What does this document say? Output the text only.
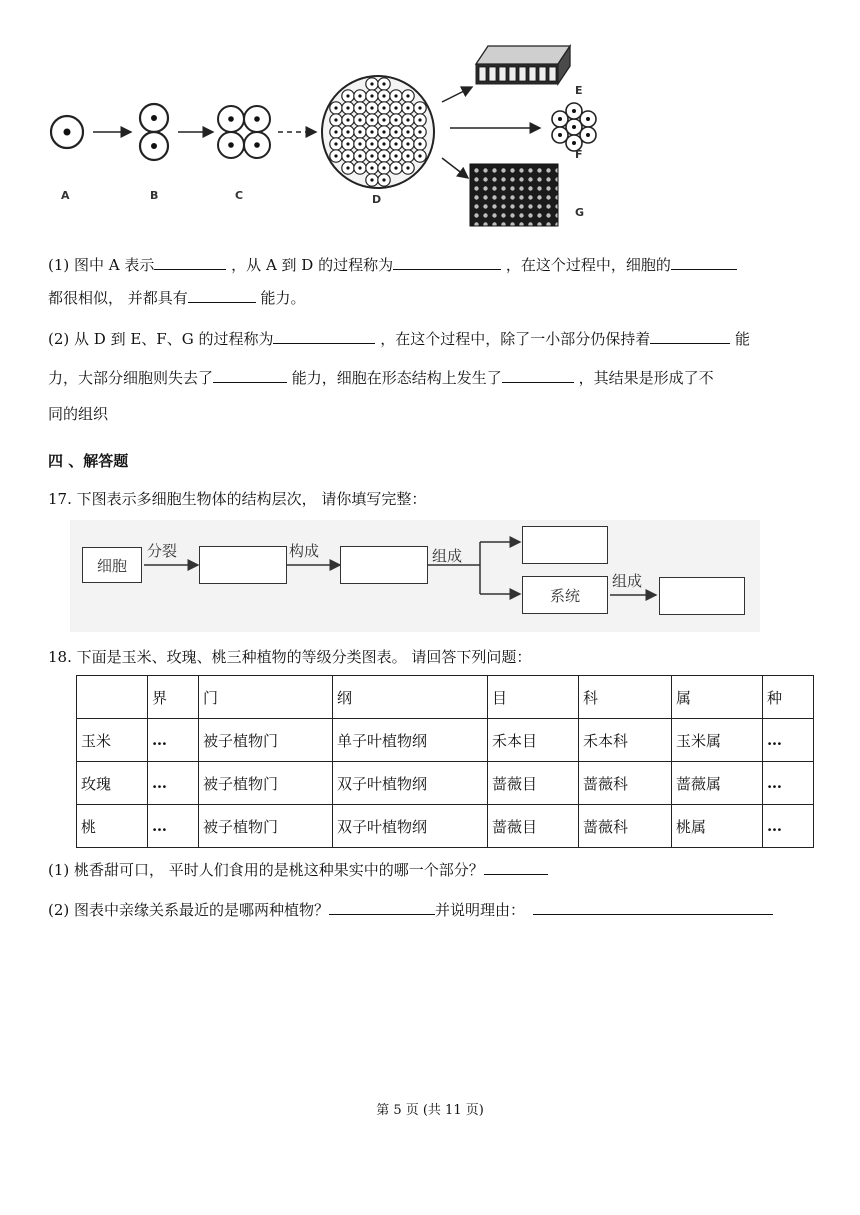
A	B	C	D
E
F
G
(1) 图中 A 表示	，从 A 到 D 的过程称为	，在这个过程中，细胞的
都很相似， 并都具有	能力。
(2) 从 D 到 E、F、G 的过程称为	，在这个过程中，除了一小部分仍保持着	能
力，大部分细胞则失去了	能力，细胞在形态结构上发生了	，其结果是形成了不
同的组织
四 、解答题
17. 下图表示多细胞生物体的结构层次， 请你填写完整：
细胞
系统
分裂	构成	组成
组成
18. 下面是玉米、玫瑰、桃三种植物的等级分类图表。 请回答下列问题：
	界	门	纲	目	科	属	种
玉米	…	被子植物门	单子叶植物纲	禾本目	禾本科	玉米属	…
玫瑰	…	被子植物门	双子叶植物纲	蔷薇目	蔷薇科	蔷薇属	…
桃	…	被子植物门	双子叶植物纲	蔷薇目	蔷薇科	桃属	…
(1) 桃香甜可口， 平时人们食用的是桃这种果实中的哪一个部分？
(2) 图表中亲缘关系最近的是哪两种植物？	并说明理由：
第 5 页 (共 11 页)
